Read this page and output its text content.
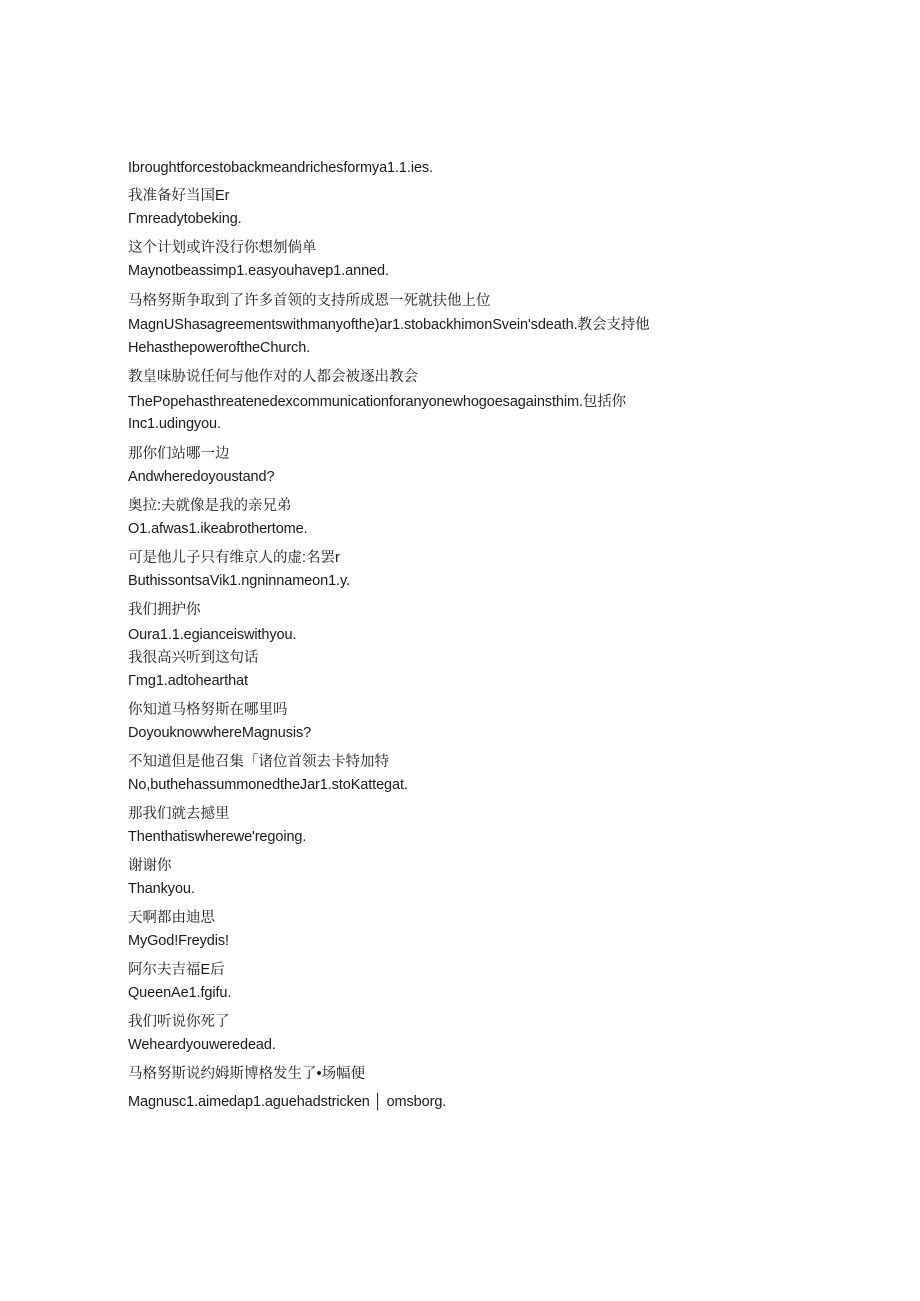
Ibroughtforcestobackmeandrichesformya1.1.ies.
我准备好当国Er
Γmreadytobeking.
这个计划或许没行你想刎倘单
Maynotbeassimp1.easyouhavep1.anned.
马格努斯争取到了许多首领的支持所成恩一死就扶他上位
MagnUShasagreementswithmanyofthe)ar1.stobackhimonSvein'sdeath.教会支持他
HehasthepoweroftheChurch.
教皇味胁说任何与他作对的人都会被逐出教会
ThePopehasthreatenedexcommunicationforanyonewhogoesagainsthim.包括你
Inc1.udingyou.
那你们站哪一边
Andwheredoyoustand?
奥拉:夫就像是我的亲兄弟
O1.afwas1.ikeabrothertome.
可是他儿子只有维京人的虚:名罢r
ButhissontsaVik1.ngninnameon1.y.
我们拥护你
Oura1.1.egianceiswithyou.
我很高兴听到这句话
Γmg1.adtohearthat
你知道马格努斯在哪里吗
DoyouknowwhereMagnusis?
不知道但是他召集「诸位首领去卡特加特
No,buthehassummonedtheJar1.stoKattegat.
那我们就去撼里
Thenthatiswherewe'regoing.
谢谢你
Thankyou.
天啊都由迪思
MyGod!Freydis!
阿尔夫吉福E后
QueenAe1.fgifu.
我们听说你死了
Weheardyouweredead.
马格努斯说约姆斯博格发生了•场幅便
Magnusc1.aimedap1.aguehadstricken │ omsborg.
